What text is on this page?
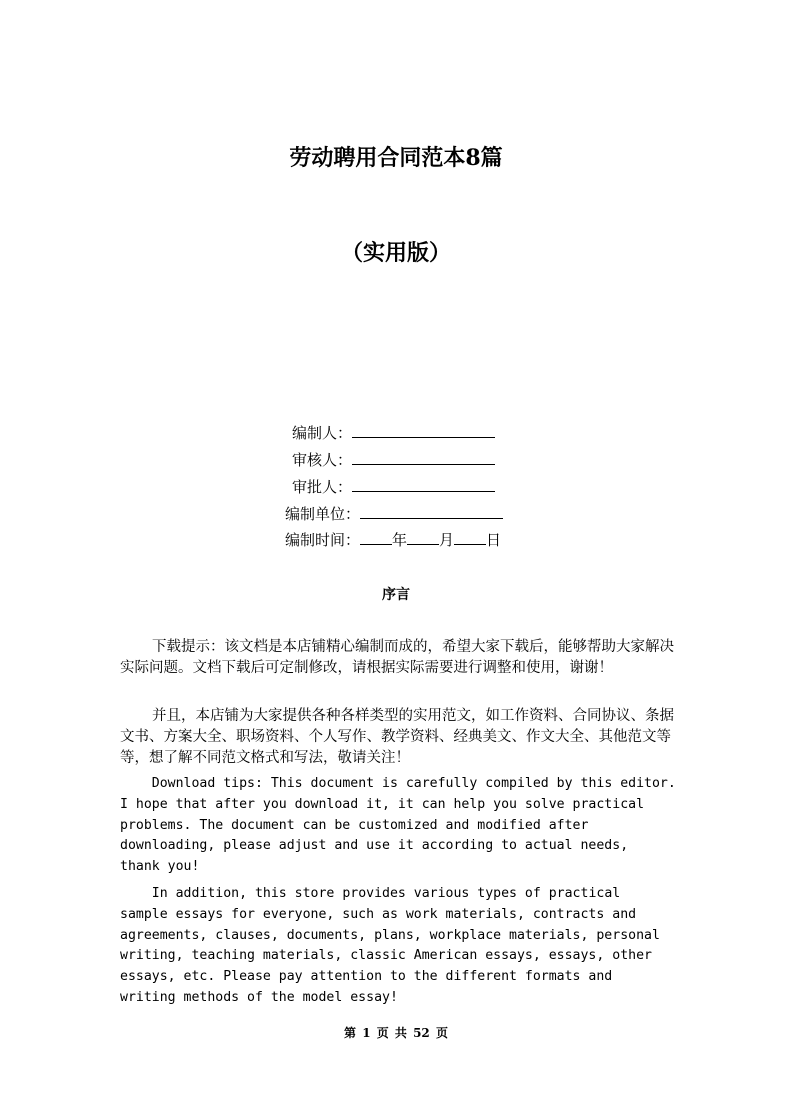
劳动聘用合同范本8篇
（实用版）
编制人：
审核人：
审批人：
编制单位：
编制时间： 年 月 日
序言

下载提示：该文档是本店铺精心编制而成的，希望大家下载后，能够帮助大家解决实际问题。文档下载后可定制修改，请根据实际需要进行调整和使用，谢谢！

并且，本店铺为大家提供各种各样类型的实用范文，如工作资料、合同协议、条据文书、方案大全、职场资料、个人写作、教学资料、经典美文、作文大全、其他范文等等，想了解不同范文格式和写法，敬请关注！

Download tips: This document is carefully compiled by this editor.
I hope that after you download it, it can help you solve practical
problems. The document can be customized and modified after
downloading, please adjust and use it according to actual needs,
thank you!

In addition, this store provides various types of practical
sample essays for everyone, such as work materials, contracts and
agreements, clauses, documents, plans, workplace materials, personal
writing, teaching materials, classic American essays, essays, other
essays, etc. Please pay attention to the different formats and
writing methods of the model essay!

第 1 页 共 52 页
